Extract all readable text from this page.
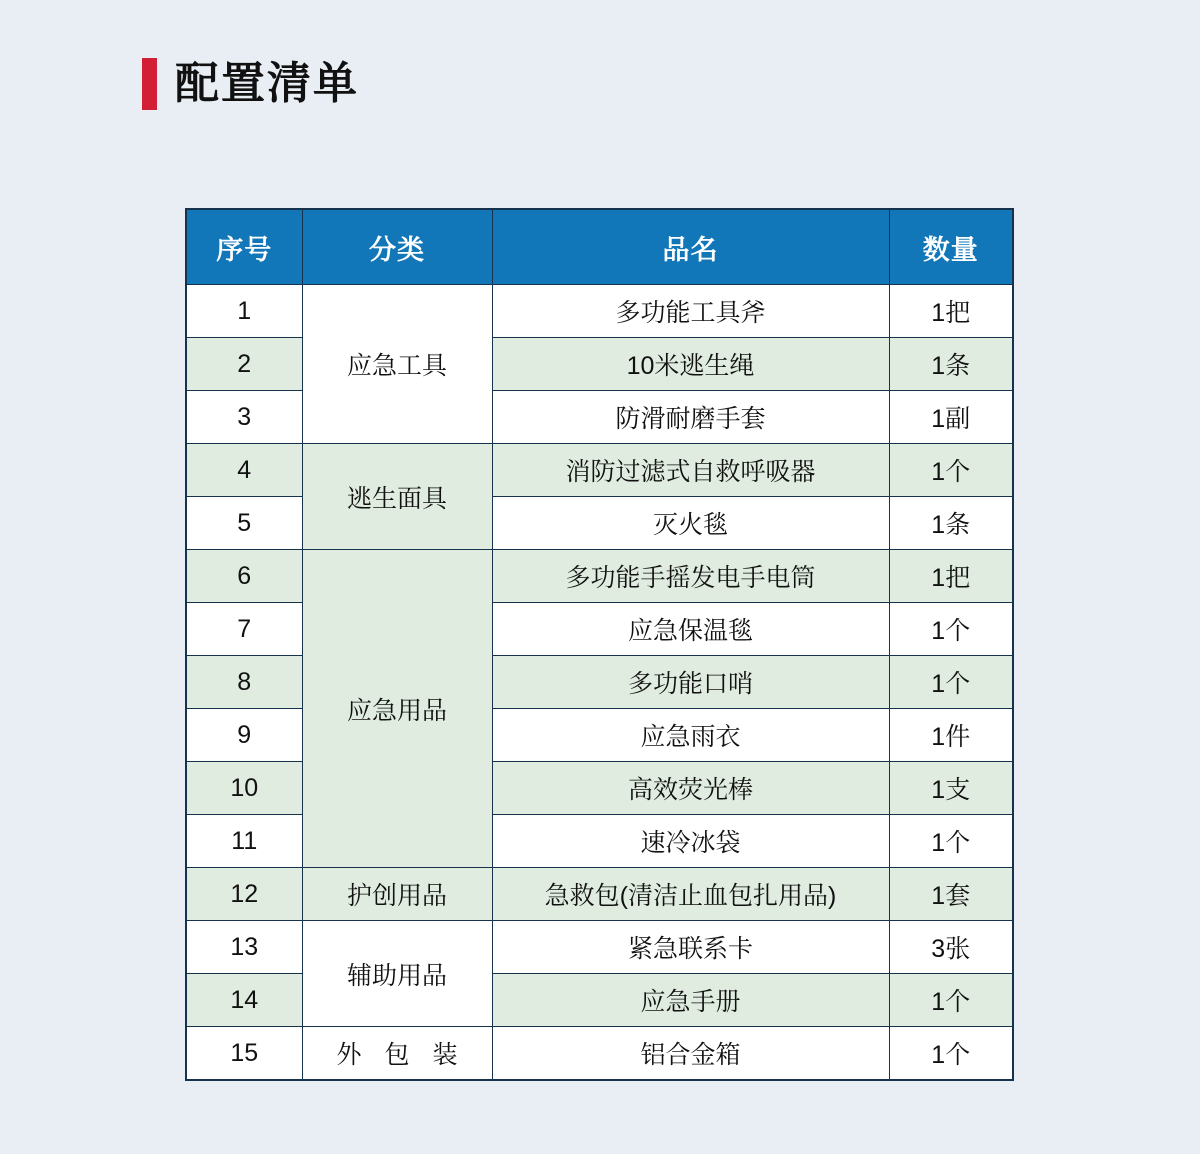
配置清单
序号	分类	品名	数量
1	应急工具	多功能工具斧	1把
2		10米逃生绳	1条
3		防滑耐磨手套	1副
4	逃生面具	消防过滤式自救呼吸器	1个
5		灭火毯	1条
6	应急用品	多功能手摇发电手电筒	1把
7		应急保温毯	1个
8		多功能口哨	1个
9		应急雨衣	1件
10		高效荧光棒	1支
11		速冷冰袋	1个
12	护创用品	急救包(清洁止血包扎用品)	1套
13	辅助用品	紧急联系卡	3张
14		应急手册	1个
15	外 包 装	铝合金箱	1个
